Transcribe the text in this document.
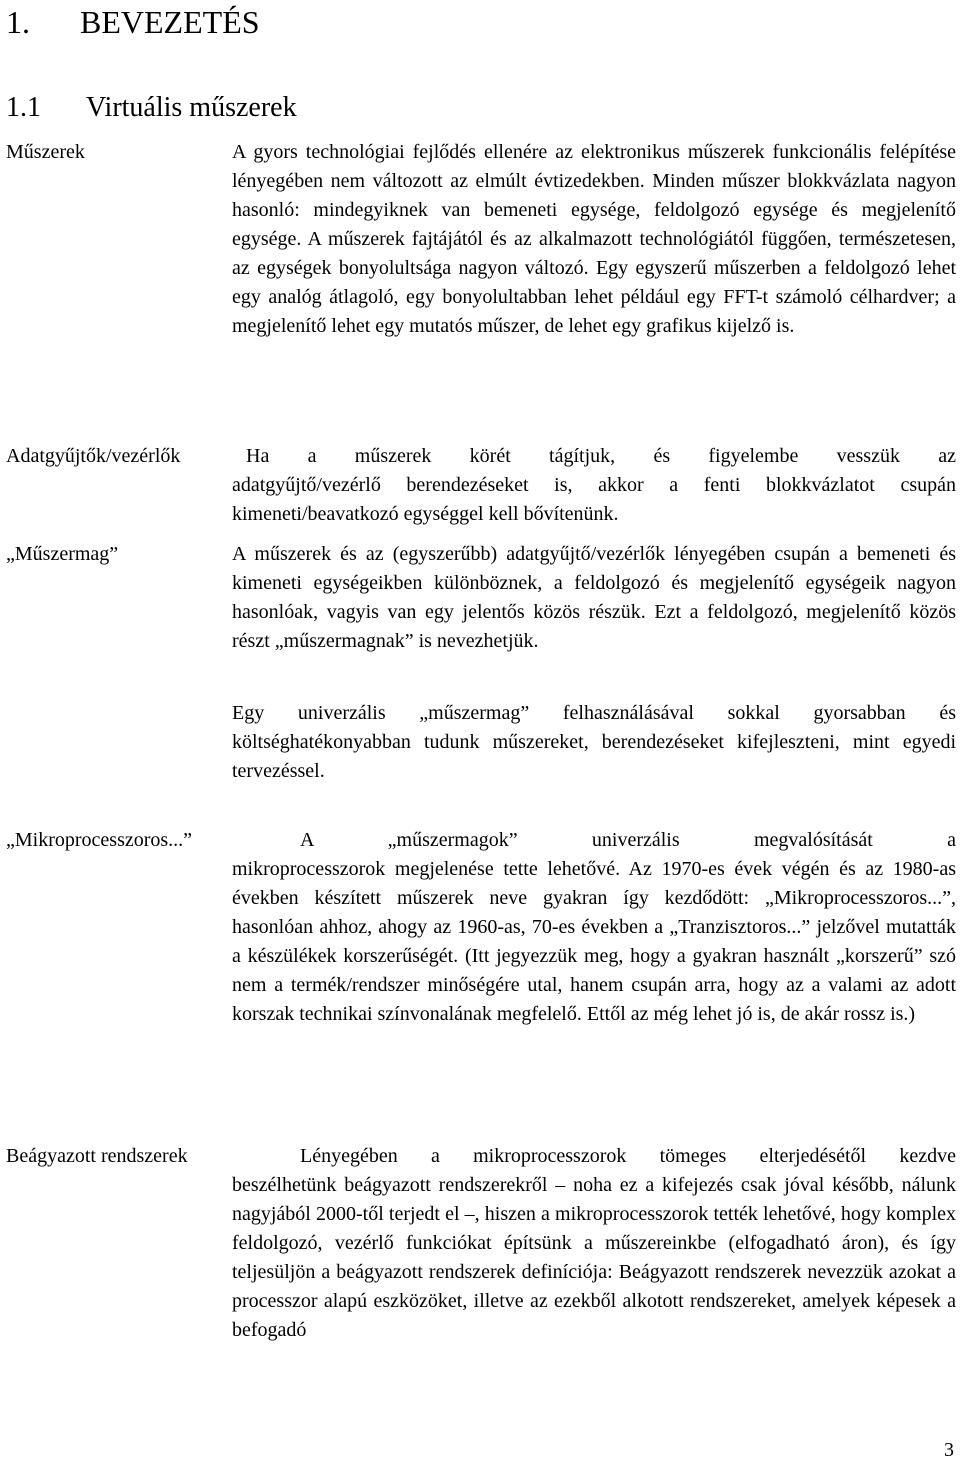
1. BEVEZETÉS
1.1 Virtuális műszerek
Műszerek	A gyors technológiai fejlődés ellenére az elektronikus műszerek funkcionális felépítése lényegében nem változott az elmúlt évtizedekben. Minden műszer blokkvázlata nagyon hasonló: mindegyiknek van bemeneti egysége, feldolgozó egysége és megjelenítő egysége. A műszerek fajtájától és az alkalmazott technológiától függően, természetesen, az egységek bonyolultsága nagyon változó. Egy egyszerű műszerben a feldolgozó lehet egy analóg átlagoló, egy bonyolultabban lehet például egy FFT-t számoló célhardver; a megjelenítő lehet egy mutatós műszer, de lehet egy grafikus kijelző is.

Adatgyűjtők/vezérlők	Ha a műszerek körét tágítjuk, és figyelembe vesszük az

adatgyűjtő/vezérlő berendezéseket is, akkor a fenti blokkvázlatot csupán kimeneti/beavatkozó egységgel kell bővítenünk.

„Műszermag”	A műszerek és az (egyszerűbb) adatgyűjtő/vezérlők lényegében csupán a bemeneti és kimeneti egységeikben különböznek, a feldolgozó és megjelenítő egységeik nagyon hasonlóak, vagyis van egy jelentős közös részük. Ezt a feldolgozó, megjelenítő közös részt „műszermagnak” is nevezhetjük.

Egy univerzális „műszermag” felhasználásával sokkal gyorsabban és költséghatékonyabban tudunk műszereket, berendezéseket kifejleszteni, mint egyedi tervezéssel.

„Mikroprocesszoros...”	A „műszermagok” univerzális megvalósítását a

mikroprocesszorok megjelenése tette lehetővé. Az 1970-es évek végén és az 1980-as években készített műszerek neve gyakran így kezdődött: „Mikroprocesszoros...”, hasonlóan ahhoz, ahogy az 1960-as, 70-es években a „Tranzisztoros...” jelzővel mutatták a készülékek korszerűségét. (Itt jegyezzük meg, hogy a gyakran használt „korszerű” szó nem a termék/rendszer minőségére utal, hanem csupán arra, hogy az a valami az adott korszak technikai színvonalának megfelelő. Ettől az még lehet jó is, de akár rossz is.)

Beágyazott rendszerek	Lényegében a mikroprocesszorok tömeges elterjedésétől kezdve

beszélhetünk beágyazott rendszerekről – noha ez a kifejezés csak jóval később, nálunk nagyjából 2000-től terjedt el –, hiszen a mikroprocesszorok tették lehetővé, hogy komplex feldolgozó, vezérlő funkciókat építsünk a műszereinkbe (elfogadható áron), és így teljesüljön a beágyazott rendszerek definíciója: Beágyazott rendszerek nevezzük azokat a processzor alapú eszközöket, illetve az ezekből alkotott rendszereket, amelyek képesek a befogadó

3
